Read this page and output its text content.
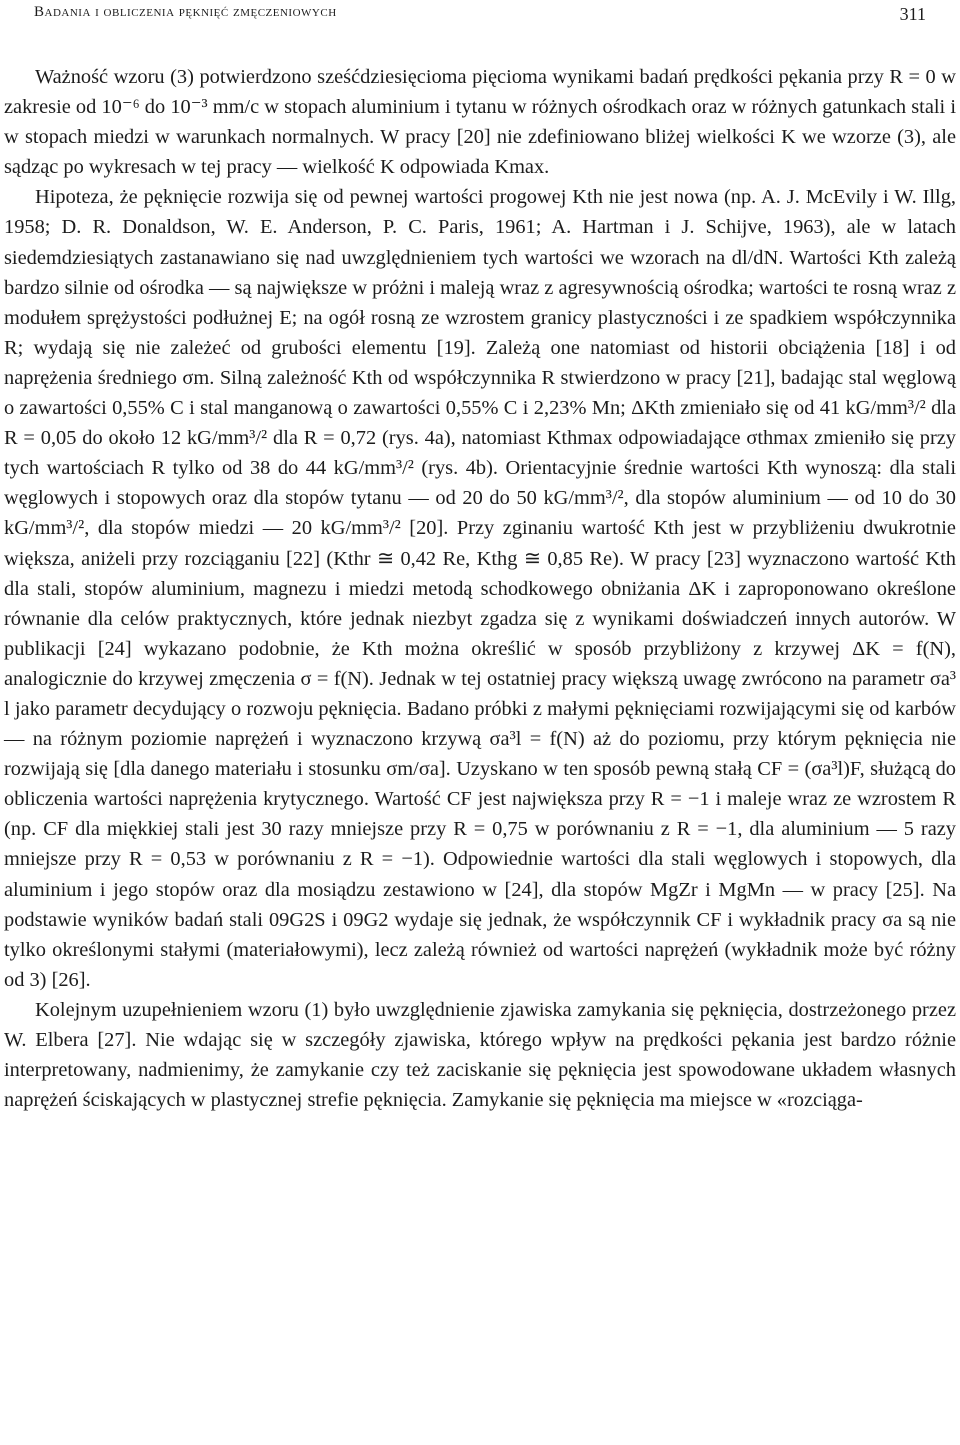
Badania i obliczenia pęknięć zmęczeniowych	311

Ważność wzoru (3) potwierdzono sześćdziesięcioma pięcioma wynikami badań prędkości pękania przy R = 0 w zakresie od 10⁻⁶ do 10⁻³ mm/c w stopach aluminium i tytanu w różnych ośrodkach oraz w różnych gatunkach stali i w stopach miedzi w warunkach normalnych. W pracy [20] nie zdefiniowano bliżej wielkości K we wzorze (3), ale sądząc po wykresach w tej pracy — wielkość K odpowiada Kmax.

Hipoteza, że pęknięcie rozwija się od pewnej wartości progowej Kth nie jest nowa (np. A. J. McEvily i W. Illg, 1958; D. R. Donaldson, W. E. Anderson, P. C. Paris, 1961; A. Hartman i J. Schijve, 1963), ale w latach siedemdziesiątych zastanawiano się nad uwzględnieniem tych wartości we wzorach na dl/dN. Wartości Kth zależą bardzo silnie od ośrodka — są największe w próżni i maleją wraz z agresywnością ośrodka; wartości te rosną wraz z modułem sprężystości podłużnej E; na ogół rosną ze wzrostem granicy plastyczności i ze spadkiem współczynnika R; wydają się nie zależeć od grubości elementu [19]. Zależą one natomiast od historii obciążenia [18] i od naprężenia średniego σm. Silną zależność Kth od współczynnika R stwierdzono w pracy [21], badając stal węglową o zawartości 0,55% C i stal manganową o zawartości 0,55% C i 2,23% Mn; ΔKth zmieniało się od 41 kG/mm³/² dla R = 0,05 do około 12 kG/mm³/² dla R = 0,72 (rys. 4a), natomiast Kthmax odpowiadające σthmax zmieniło się przy tych wartościach R tylko od 38 do 44 kG/mm³/² (rys. 4b). Orientacyjnie średnie wartości Kth wynoszą: dla stali węglowych i stopowych oraz dla stopów tytanu — od 20 do 50 kG/mm³/², dla stopów aluminium — od 10 do 30 kG/mm³/², dla stopów miedzi — 20 kG/mm³/² [20]. Przy zginaniu wartość Kth jest w przybliżeniu dwukrotnie większa, aniżeli przy rozciąganiu [22] (Kthr ≅ 0,42 Re, Kthg ≅ 0,85 Re). W pracy [23] wyznaczono wartość Kth dla stali, stopów aluminium, magnezu i miedzi metodą schodkowego obniżania ΔK i zaproponowano określone równanie dla celów praktycznych, które jednak niezbyt zgadza się z wynikami doświadczeń innych autorów. W publikacji [24] wykazano podobnie, że Kth można określić w sposób przybliżony z krzywej ΔK = f(N), analogicznie do krzywej zmęczenia σ = f(N). Jednak w tej ostatniej pracy większą uwagę zwrócono na parametr σa³ l jako parametr decydujący o rozwoju pęknięcia. Badano próbki z małymi pęknięciami rozwijającymi się od karbów — na różnym poziomie naprężeń i wyznaczono krzywą σa³l = f(N) aż do poziomu, przy którym pęknięcia nie rozwijają się [dla danego materiału i stosunku σm/σa]. Uzyskano w ten sposób pewną stałą CF = (σa³l)F, służącą do obliczenia wartości naprężenia krytycznego. Wartość CF jest największa przy R = −1 i maleje wraz ze wzrostem R (np. CF dla miękkiej stali jest 30 razy mniejsze przy R = 0,75 w porównaniu z R = −1, dla aluminium — 5 razy mniejsze przy R = 0,53 w porównaniu z R = −1). Odpowiednie wartości dla stali węglowych i stopowych, dla aluminium i jego stopów oraz dla mosiądzu zestawiono w [24], dla stopów MgZr i MgMn — w pracy [25]. Na podstawie wyników badań stali 09G2S i 09G2 wydaje się jednak, że współczynnik CF i wykładnik pracy σa są nie tylko określonymi stałymi (materiałowymi), lecz zależą również od wartości naprężeń (wykładnik może być różny od 3) [26].

Kolejnym uzupełnieniem wzoru (1) było uwzględnienie zjawiska zamykania się pęknięcia, dostrzeżonego przez W. Elbera [27]. Nie wdając się w szczegóły zjawiska, którego wpływ na prędkości pękania jest bardzo różnie interpretowany, nadmienimy, że zamykanie czy też zaciskanie się pęknięcia jest spowodowane układem własnych naprężeń ściskających w plastycznej strefie pęknięcia. Zamykanie się pęknięcia ma miejsce w «rozciąga-
